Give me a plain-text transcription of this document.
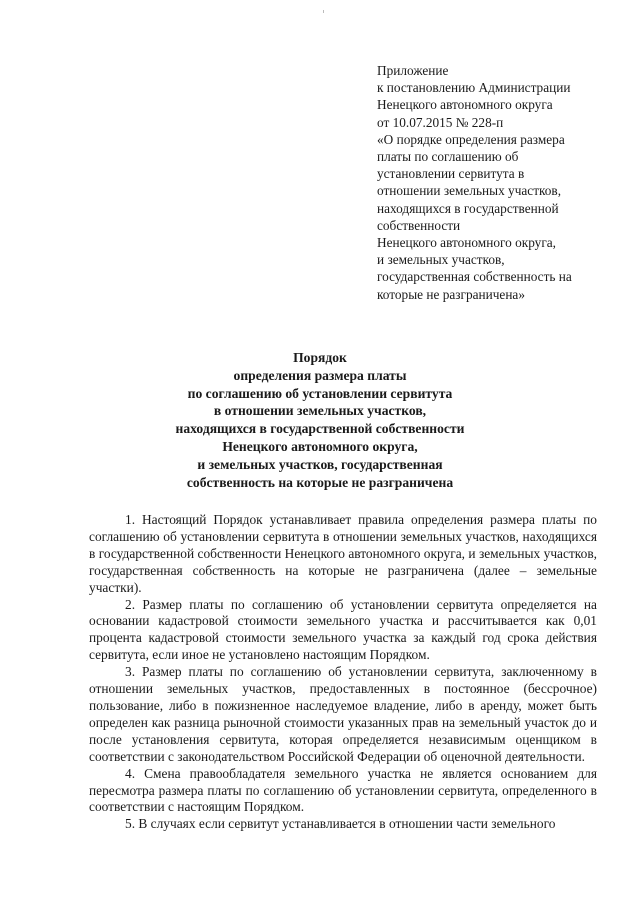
Приложение
к постановлению Администрации
Ненецкого автономного округа
от 10.07.2015 № 228-п
«О порядке определения размера
платы по соглашению об
установлении сервитута в
отношении земельных участков,
находящихся в государственной
собственности
Ненецкого автономного округа,
и земельных участков,
государственная собственность на
которые не разграничена»
Порядок
определения размера платы
по соглашению об установлении сервитута
в отношении земельных участков,
находящихся в государственной собственности
Ненецкого автономного округа,
и земельных участков, государственная
собственность на которые не разграничена

1. Настоящий Порядок устанавливает правила определения размера платы по соглашению об установлении сервитута в отношении земельных участков, находящихся в государственной собственности Ненецкого автономного округа, и земельных участков, государственная собственность на которые не разграничена (далее – земельные участки).

2. Размер платы по соглашению об установлении сервитута определяется на основании кадастровой стоимости земельного участка и рассчитывается как 0,01 процента кадастровой стоимости земельного участка за каждый год срока действия сервитута, если иное не установлено настоящим Порядком.

3. Размер платы по соглашению об установлении сервитута, заключенному в отношении земельных участков, предоставленных в постоянное (бессрочное) пользование, либо в пожизненное наследуемое владение, либо в аренду, может быть определен как разница рыночной стоимости указанных прав на земельный участок до и после установления сервитута, которая определяется независимым оценщиком в соответствии с законодательством Российской Федерации об оценочной деятельности.

4. Смена правообладателя земельного участка не является основанием для пересмотра размера платы по соглашению об установлении сервитута, определенного в соответствии с настоящим Порядком.

5. В случаях если сервитут устанавливается в отношении части земельного
